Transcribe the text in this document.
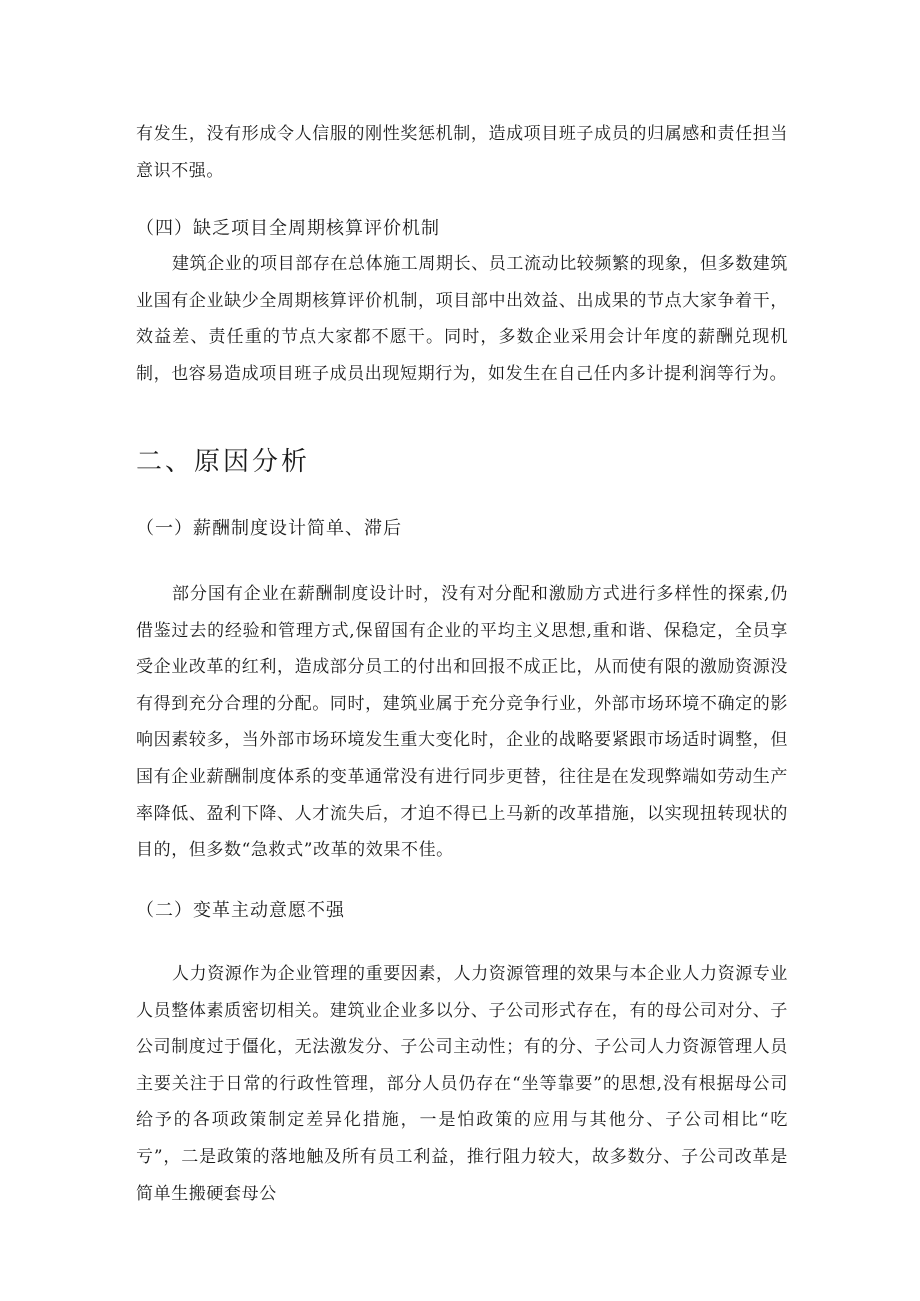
有发生，没有形成令人信服的刚性奖惩机制，造成项目班子成员的归属感和责任担当意识不强。

（四）缺乏项目全周期核算评价机制

建筑企业的项目部存在总体施工周期长、员工流动比较频繁的现象，但多数建筑业国有企业缺少全周期核算评价机制，项目部中出效益、出成果的节点大家争着干，效益差、责任重的节点大家都不愿干。同时，多数企业采用会计年度的薪酬兑现机制，也容易造成项目班子成员出现短期行为，如发生在自己任内多计提利润等行为。

二、原因分析
（一）薪酬制度设计简单、滞后

部分国有企业在薪酬制度设计时，没有对分配和激励方式进行多样性的探索,仍借鉴过去的经验和管理方式,保留国有企业的平均主义思想,重和谐、保稳定，全员享受企业改革的红利，造成部分员工的付出和回报不成正比，从而使有限的激励资源没有得到充分合理的分配。同时，建筑业属于充分竞争行业，外部市场环境不确定的影响因素较多，当外部市场环境发生重大变化时，企业的战略要紧跟市场适时调整，但国有企业薪酬制度体系的变革通常没有进行同步更替，往往是在发现弊端如劳动生产率降低、盈利下降、人才流失后，才迫不得已上马新的改革措施，以实现扭转现状的目的，但多数“急救式”改革的效果不佳。

（二）变革主动意愿不强

人力资源作为企业管理的重要因素，人力资源管理的效果与本企业人力资源专业人员整体素质密切相关。建筑业企业多以分、子公司形式存在，有的母公司对分、子公司制度过于僵化，无法激发分、子公司主动性；有的分、子公司人力资源管理人员主要关注于日常的行政性管理，部分人员仍存在“坐等靠要”的思想,没有根据母公司给予的各项政策制定差异化措施，一是怕政策的应用与其他分、子公司相比“吃亏”，二是政策的落地触及所有员工利益，推行阻力较大，故多数分、子公司改革是简单生搬硬套母公
